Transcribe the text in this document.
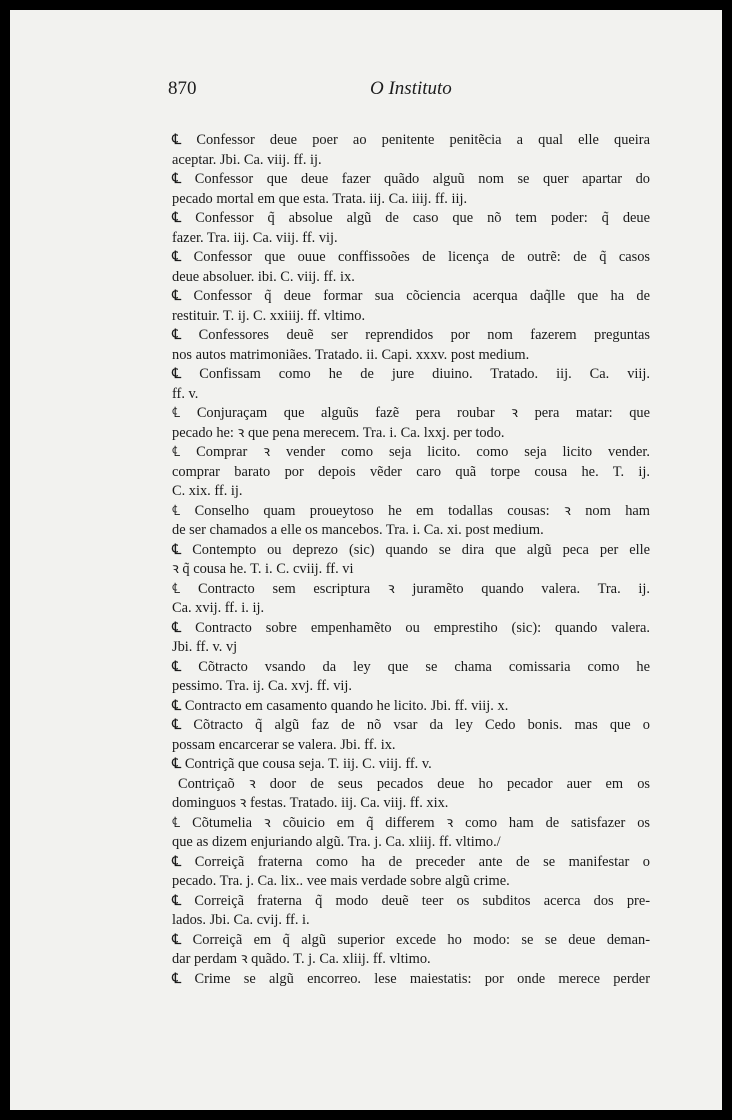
870	O Instituto
℄ Confessor deue poer ao penitente penitẽcia a qual elle queira
aceptar. Jbi. Ca. viij. ff. ij.
℄ Confessor que deue fazer quãdo alguũ nom se quer apartar do
pecado mortal em que esta. Trata. iij. Ca. iiij. ff. iij.
℄ Confessor q̃ absolue algũ de caso que nõ tem poder: q̃ deue
fazer. Tra. iij. Ca. viij. ff. vij.
℄ Confessor que ouue conffissoões de licença de outrẽ: de q̃ casos
deue absoluer. ibi. C. viij. ff. ix.
℄ Confessor q̃ deue formar sua cõciencia acerqua daq̃lle que ha de
restituir. T. ij. C. xxiiij. ff. vltimo.
℄ Confessores deuẽ ser reprendidos por nom fazerem preguntas
nos autos matrimoniães. Tratado. ii. Capi. xxxv. post medium.
℄ Confissam como he de jure diuino. Tratado. iij. Ca. viij.
ff. v.
℄ Conjuraçam que alguũs fazẽ pera roubar ꝛ pera matar: que
pecado he: ꝛ que pena merecem. Tra. i. Ca. lxxj. per todo.
℄ Comprar ꝛ vender como seja licito. como seja licito vender.
comprar barato por depois vẽder caro quã torpe cousa he. T. ij.
C. xix. ff. ij.
℄ Conselho quam proueytoso he em todallas cousas: ꝛ nom ham
de ser chamados a elle os mancebos. Tra. i. Ca. xi. post medium.
℄ Contempto ou deprezo (sic) quando se dira que algũ peca per elle
ꝛ q̃ cousa he. T. i. C. cviij. ff. vi
℄ Contracto sem escriptura ꝛ juramẽto quando valera. Tra. ij.
Ca. xvij. ff. i. ij.
℄ Contracto sobre empenhamẽto ou emprestiho (sic): quando valera.
Jbi. ff. v. vj
℄ Cõtracto vsando da ley que se chama comissaria como he
pessimo. Tra. ij. Ca. xvj. ff. vij.
℄ Contracto em casamento quando he licito. Jbi. ff. viij. x.
℄ Cõtracto q̃ algũ faz de nõ vsar da ley Cedo bonis. mas que o
possam encarcerar se valera. Jbi. ff. ix.
℄ Contriçã que cousa seja. T. iij. C. viij. ff. v.
Contriçaõ ꝛ door de seus pecados deue ho pecador auer em os
dominguos ꝛ festas. Tratado. iij. Ca. viij. ff. xix.
℄ Cõtumelia ꝛ cõuicio em q̃ differem ꝛ como ham de satisfazer os
que as dizem enjuriando algũ. Tra. j. Ca. xliij. ff. vltimo./
℄ Correiçã fraterna como ha de preceder ante de se manifestar o
pecado. Tra. j. Ca. lix.. vee mais verdade sobre algũ crime.
℄ Correiçã fraterna q̃ modo deuẽ teer os subditos acerca dos pre-
lados. Jbi. Ca. cvij. ff. i.
℄ Correiçã em q̃ algũ superior excede ho modo: se se deue deman-
dar perdam ꝛ quãdo. T. j. Ca. xliij. ff. vltimo.
℄ Crime se algũ encorreo. lese maiestatis: por onde merece perder
